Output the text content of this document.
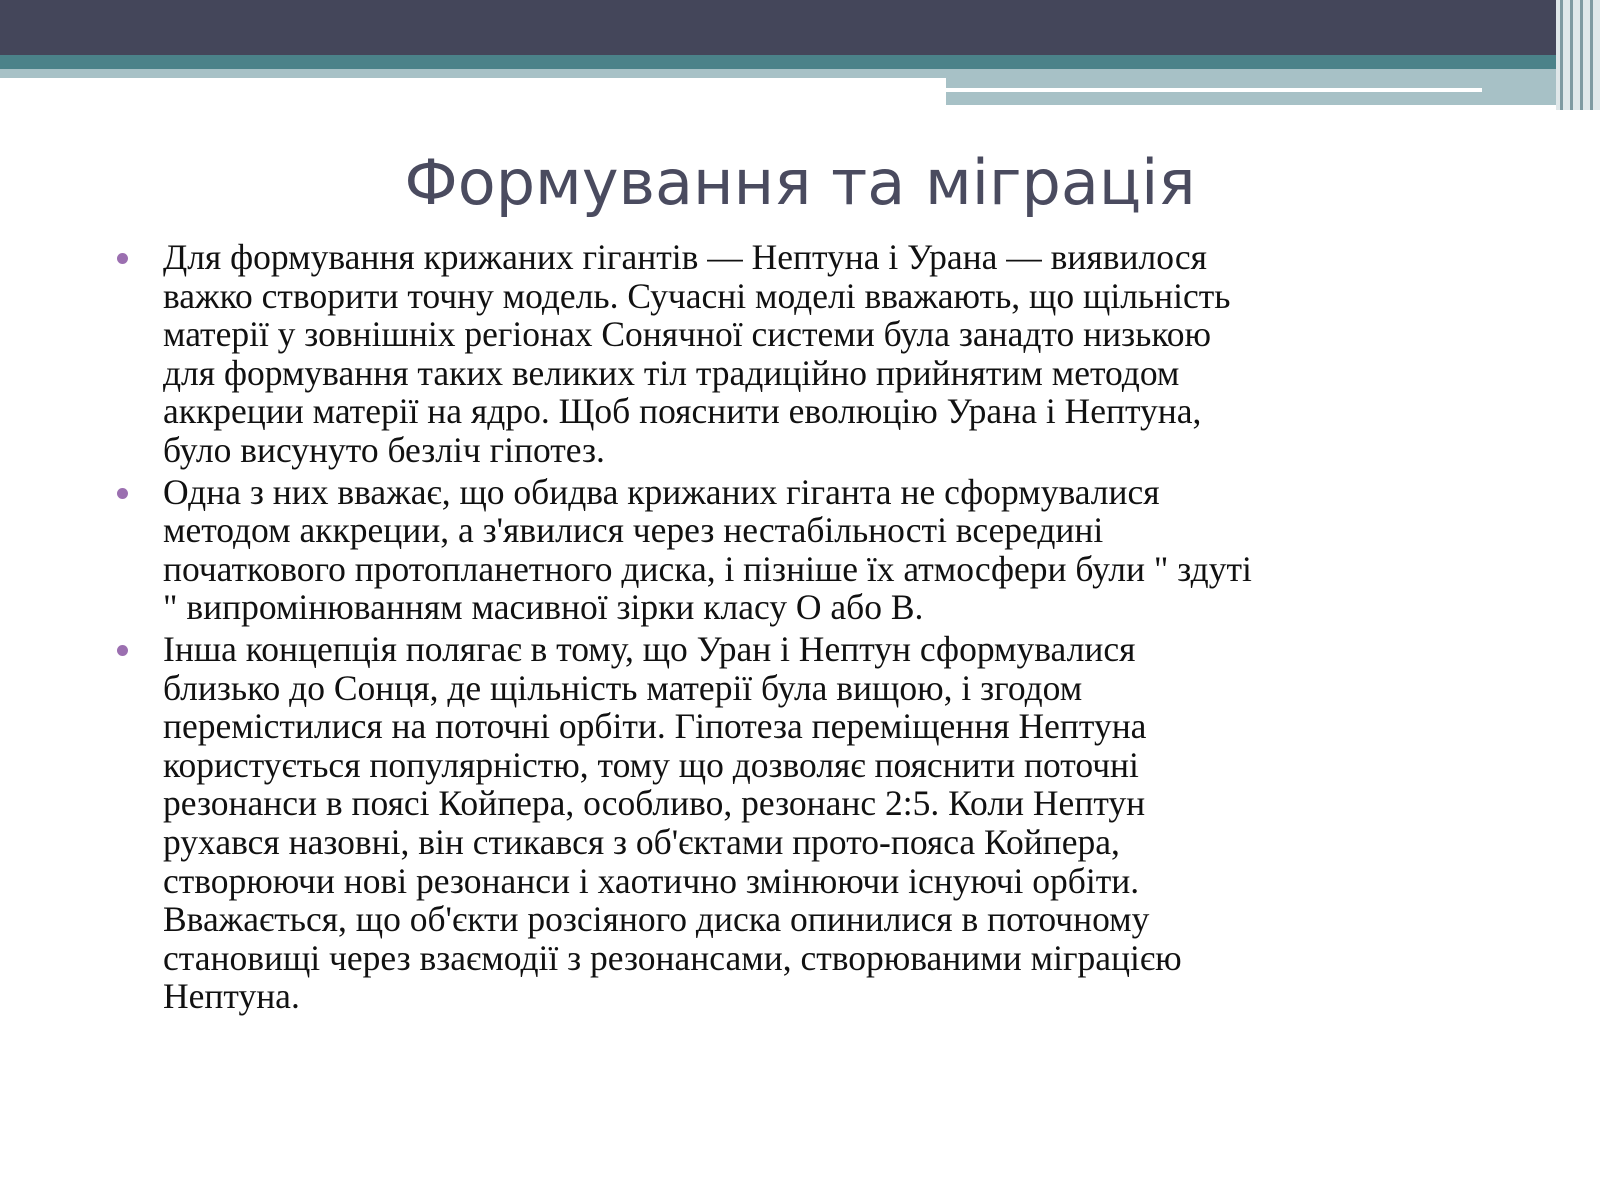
Формування та міграція
Для формування крижаних гігантів — Нептуна і Урана — виявилося
важко створити точну модель. Сучасні моделі вважають, що щільність
матерії у зовнішніх регіонах Сонячної системи була занадто низькою
для формування таких великих тіл традиційно прийнятим методом
аккреции матерії на ядро. Щоб пояснити еволюцію Урана і Нептуна,
було висунуто безліч гіпотез.
Одна з них вважає, що обидва крижаних гіганта не сформувалися
методом аккреции, а з'явилися через нестабільності всередині
початкового протопланетного диска, і пізніше їх атмосфери були " здуті
" випромінюванням масивної зірки класу O або B.
Інша концепція полягає в тому, що Уран і Нептун сформувалися
близько до Сонця, де щільність матерії була вищою, і згодом
перемістилися на поточні орбіти. Гіпотеза переміщення Нептуна
користується популярністю, тому що дозволяє пояснити поточні
резонанси в поясі Койпера, особливо, резонанс 2:5. Коли Нептун
рухався назовні, він стикався з об'єктами прото-пояса Койпера,
створюючи нові резонанси і хаотично змінюючи існуючі орбіти.
Вважається, що об'єкти розсіяного диска опинилися в поточному
становищі через взаємодії з резонансами, створюваними міграцією
Нептуна.
